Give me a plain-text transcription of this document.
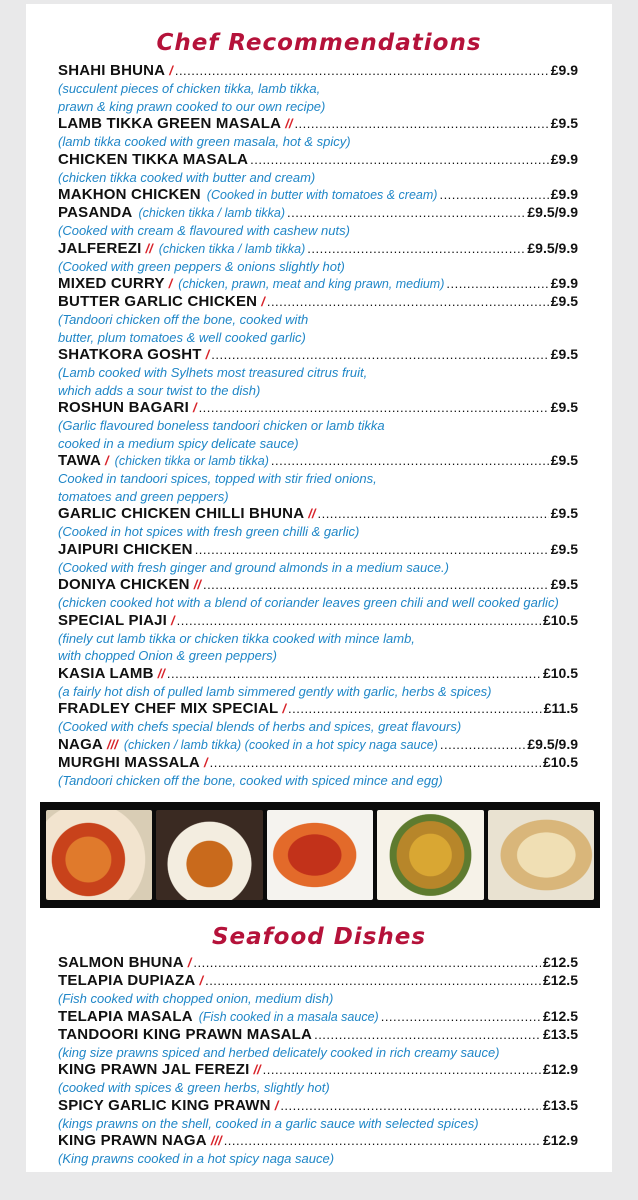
Chef Recommendations
SHAHI BHUNA / .....	£9.9
(succulent pieces of chicken tikka, lamb tikka,
prawn & king prawn cooked to our own recipe)
LAMB TIKKA GREEN MASALA // .....	£9.5
(lamb tikka cooked with green masala, hot & spicy)
CHICKEN TIKKA MASALA .....	£9.9
(chicken tikka cooked with butter and cream)
MAKHON CHICKEN (Cooked in butter with tomatoes & cream) .....	£9.9
PASANDA (chicken tikka / lamb tikka) .....	£9.5/9.9
(Cooked with cream & flavoured with cashew nuts)
JALFEREZI // (chicken tikka / lamb tikka) .....	£9.5/9.9
(Cooked with green peppers & onions slightly hot)
MIXED CURRY / (chicken, prawn, meat and king prawn, medium) .....	£9.9
BUTTER GARLIC CHICKEN / .....	£9.5
(Tandoori chicken off the bone, cooked with
butter, plum tomatoes & well cooked garlic)
SHATKORA GOSHT / .....	£9.5
(Lamb cooked with Sylhets most treasured citrus fruit,
which adds a sour twist to the dish)
ROSHUN BAGARI / .....	£9.5
(Garlic flavoured boneless tandoori chicken or lamb tikka
cooked in a medium spicy delicate sauce)
TAWA / (chicken tikka or lamb tikka) .....	£9.5
Cooked in tandoori spices, topped with stir fried onions,
tomatoes and green peppers)
GARLIC CHICKEN CHILLI BHUNA // .....	£9.5
(Cooked in hot spices with fresh green chilli & garlic)
JAIPURI CHICKEN .....	£9.5
(Cooked with fresh ginger and ground almonds in a medium sauce.)
DONIYA CHICKEN // .....	£9.5
(chicken cooked hot with a blend of coriander leaves green chili and well cooked garlic)
SPECIAL PIAJI / .....	£10.5
(finely cut lamb tikka or chicken tikka cooked with mince lamb,
with chopped Onion & green peppers)
KASIA LAMB // .....	£10.5
(a fairly hot dish of pulled lamb simmered gently with garlic, herbs & spices)
FRADLEY CHEF MIX SPECIAL / .....	£11.5
(Cooked with chefs special blends of herbs and spices, great flavours)
NAGA /// (chicken / lamb tikka) (cooked in a hot spicy naga sauce) .....	£9.5/9.9
MURGHI MASSALA / .....	£10.5
(Tandoori chicken off the bone, cooked with spiced mince and egg)
Seafood Dishes
SALMON BHUNA / .....	£12.5
TELAPIA DUPIAZA / .....	£12.5
(Fish cooked with chopped onion, medium dish)
TELAPIA MASALA (Fish cooked in a masala sauce) .....	£12.5
TANDOORI KING PRAWN MASALA .....	£13.5
(king size prawns spiced and herbed delicately cooked in rich creamy sauce)
KING PRAWN JAL FEREZI // .....	£12.9
(cooked with spices & green herbs, slightly hot)
SPICY GARLIC KING PRAWN / .....	£13.5
(kings prawns on the shell, cooked in a garlic sauce with selected spices)
KING PRAWN NAGA /// .....	£12.9
(King prawns cooked in a hot spicy naga sauce)
